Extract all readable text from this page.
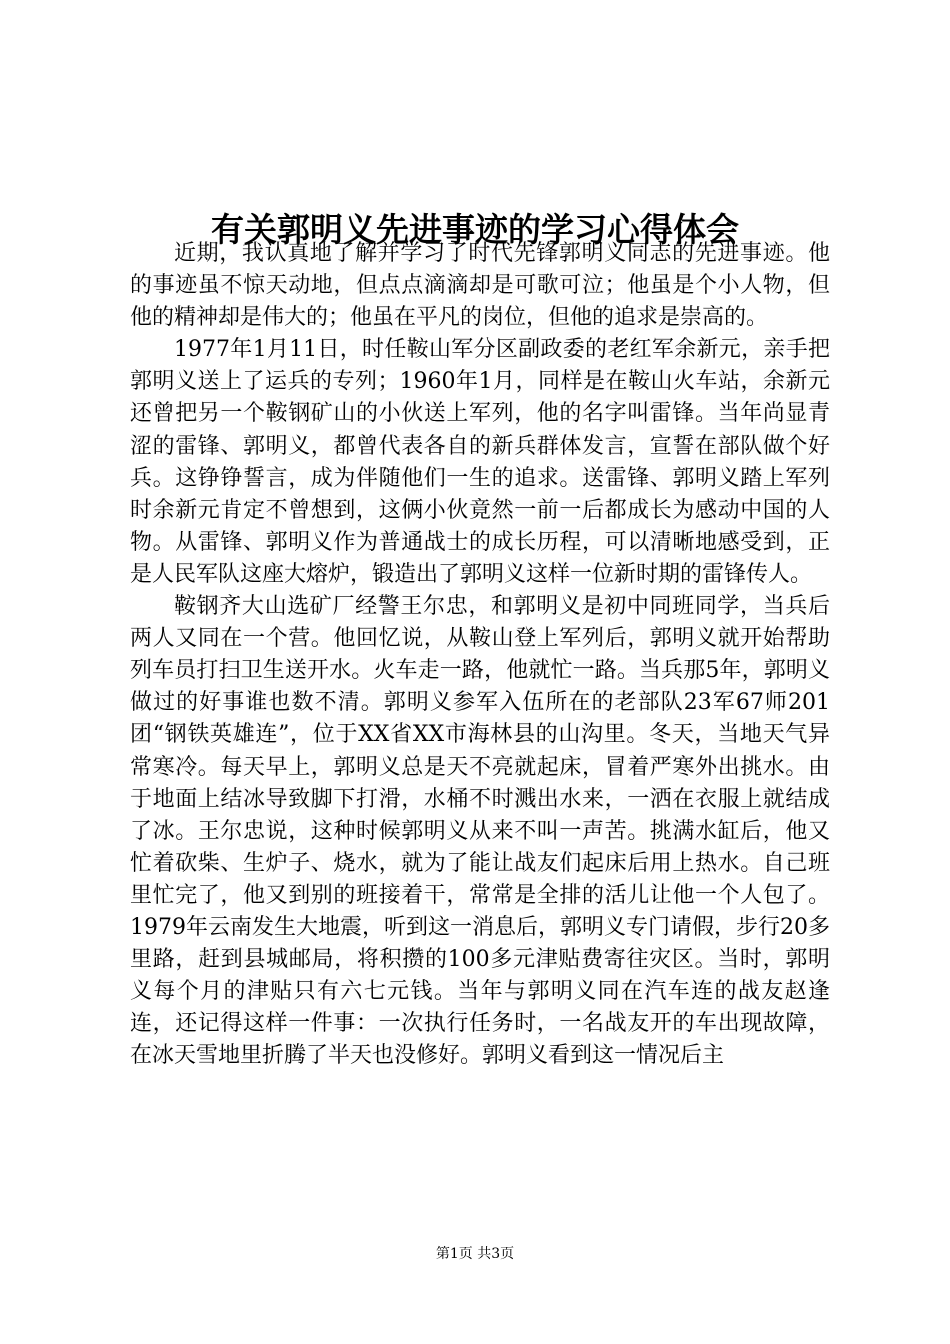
有关郭明义先进事迹的学习心得体会

近期，我认真地了解并学习了时代先锋郭明义同志的先进事迹。他的事迹虽不惊天动地，但点点滴滴却是可歌可泣；他虽是个小人物，但他的精神却是伟大的；他虽在平凡的岗位，但他的追求是崇高的。

1977年1月11日，时任鞍山军分区副政委的老红军余新元，亲手把郭明义送上了运兵的专列；1960年1月，同样是在鞍山火车站，余新元还曾把另一个鞍钢矿山的小伙送上军列，他的名字叫雷锋。当年尚显青涩的雷锋、郭明义，都曾代表各自的新兵群体发言，宣誓在部队做个好兵。这铮铮誓言，成为伴随他们一生的追求。送雷锋、郭明义踏上军列时余新元肯定不曾想到，这俩小伙竟然一前一后都成长为感动中国的人物。从雷锋、郭明义作为普通战士的成长历程，可以清晰地感受到，正是人民军队这座大熔炉，锻造出了郭明义这样一位新时期的雷锋传人。

鞍钢齐大山选矿厂经警王尔忠，和郭明义是初中同班同学，当兵后两人又同在一个营。他回忆说，从鞍山登上军列后，郭明义就开始帮助列车员打扫卫生送开水。火车走一路，他就忙一路。当兵那5年，郭明义做过的好事谁也数不清。郭明义参军入伍所在的老部队23军67师201团“钢铁英雄连”，位于XX省XX市海林县的山沟里。冬天，当地天气异常寒冷。每天早上，郭明义总是天不亮就起床，冒着严寒外出挑水。由于地面上结冰导致脚下打滑，水桶不时溅出水来，一洒在衣服上就结成了冰。王尔忠说，这种时候郭明义从来不叫一声苦。挑满水缸后，他又忙着砍柴、生炉子、烧水，就为了能让战友们起床后用上热水。自己班里忙完了，他又到别的班接着干，常常是全排的活儿让他一个人包了。1979年云南发生大地震，听到这一消息后，郭明义专门请假，步行20多里路，赶到县城邮局，将积攒的100多元津贴费寄往灾区。当时，郭明义每个月的津贴只有六七元钱。当年与郭明义同在汽车连的战友赵逢连，还记得这样一件事：一次执行任务时，一名战友开的车出现故障，在冰天雪地里折腾了半天也没修好。郭明义看到这一情况后主

第1页 共3页
